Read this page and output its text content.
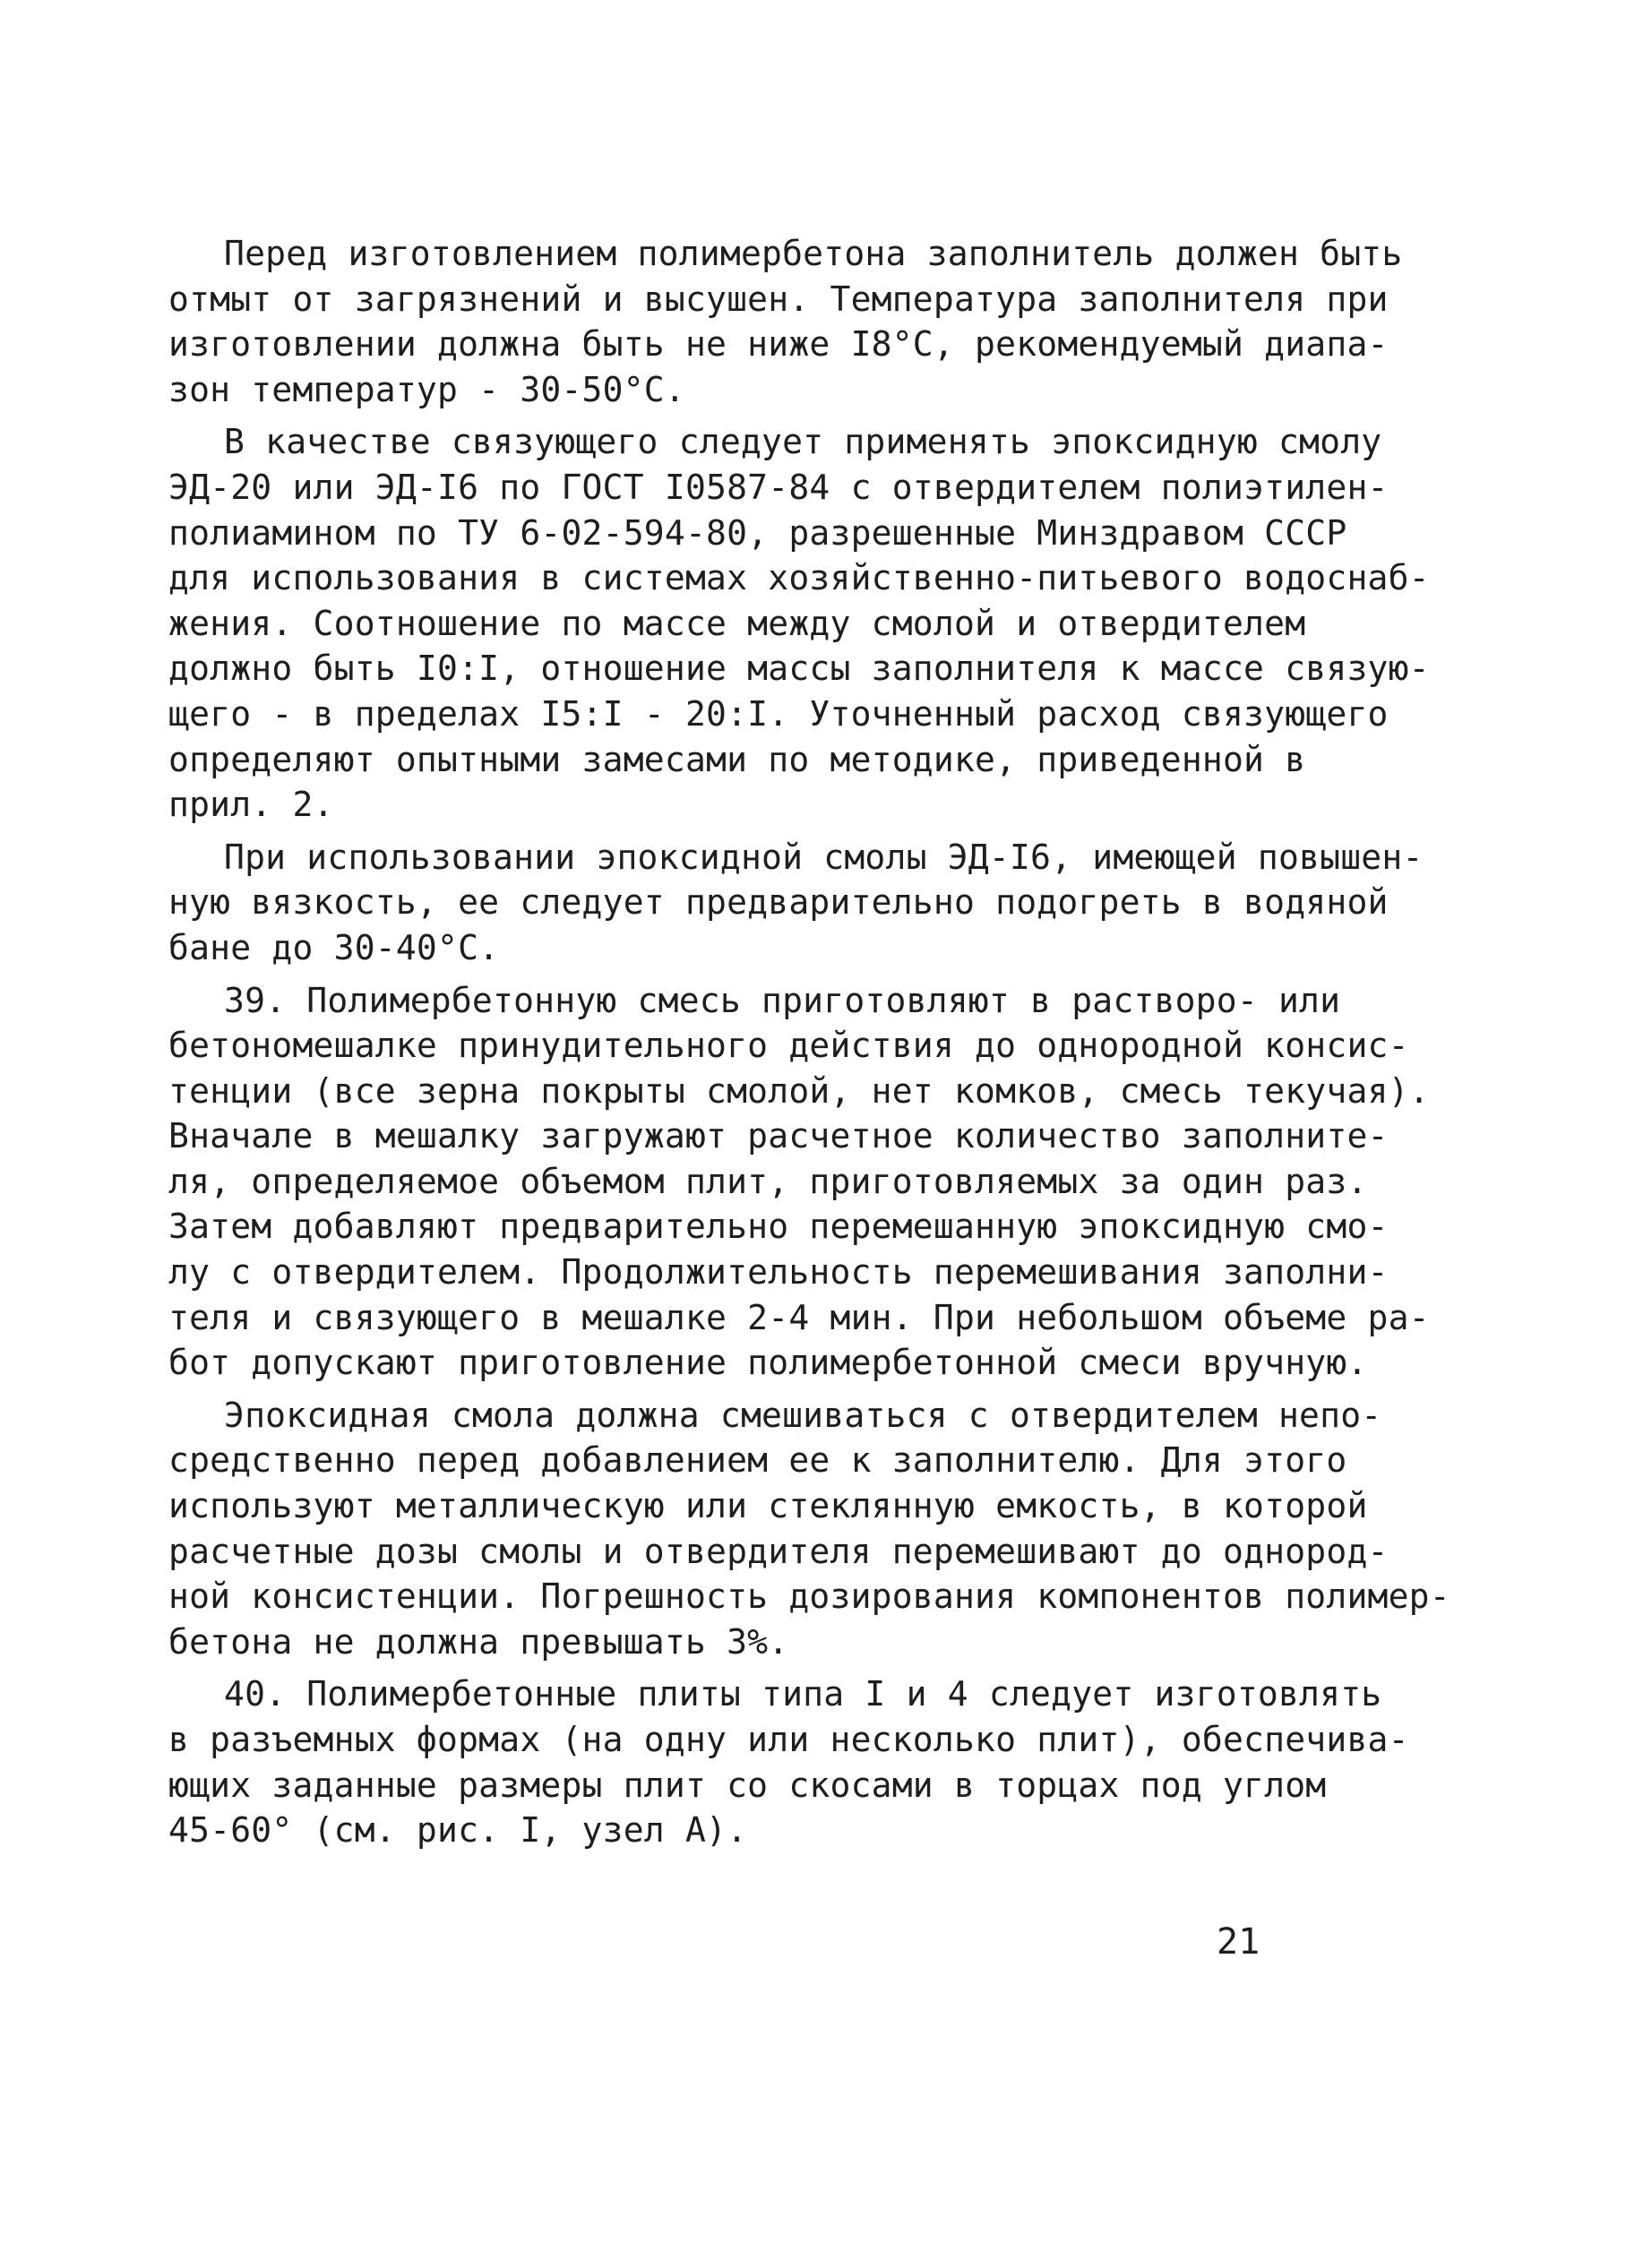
Перед изготовлением полимербетона заполнитель должен быть
отмыт от загрязнений и высушен. Температура заполнителя при
изготовлении должна быть не ниже I8°C, рекомендуемый диапа-
зон температур - 30-50°C.

В качестве связующего следует применять эпоксидную смолу
ЭД-20 или ЭД-I6 по ГОСТ I0587-84 с отвердителем полиэтилен-
полиамином по ТУ 6-02-594-80, разрешенные Минздравом СССР
для использования в системах хозяйственно-питьевого водоснаб-
жения. Соотношение по массе между смолой и отвердителем
должно быть I0:I, отношение массы заполнителя к массе связую-
щего - в пределах I5:I - 20:I. Уточненный расход связующего
определяют опытными замесами по методике, приведенной в
прил. 2.

При использовании эпоксидной смолы ЭД-I6, имеющей повышен-
ную вязкость, ее следует предварительно подогреть в водяной
бане до 30-40°C.

39. Полимербетонную смесь приготовляют в растворо- или
бетономешалке принудительного действия до однородной консис-
тенции (все зерна покрыты смолой, нет комков, смесь текучая).
Вначале в мешалку загружают расчетное количество заполните-
ля, определяемое объемом плит, приготовляемых за один раз.
Затем добавляют предварительно перемешанную эпоксидную смо-
лу с отвердителем. Продолжительность перемешивания заполни-
теля и связующего в мешалке 2-4 мин. При небольшом объеме ра-
бот допускают приготовление полимербетонной смеси вручную.

Эпоксидная смола должна смешиваться с отвердителем непо-
средственно перед добавлением ее к заполнителю. Для этого
используют металлическую или стеклянную емкость, в которой
расчетные дозы смолы и отвердителя перемешивают до однород-
ной консистенции. Погрешность дозирования компонентов полимер-
бетона не должна превышать 3%.

40. Полимербетонные плиты типа I и 4 следует изготовлять
в разъемных формах (на одну или несколько плит), обеспечива-
ющих заданные размеры плит со скосами в торцах под углом
45-60° (см. рис. I, узел А).

21
